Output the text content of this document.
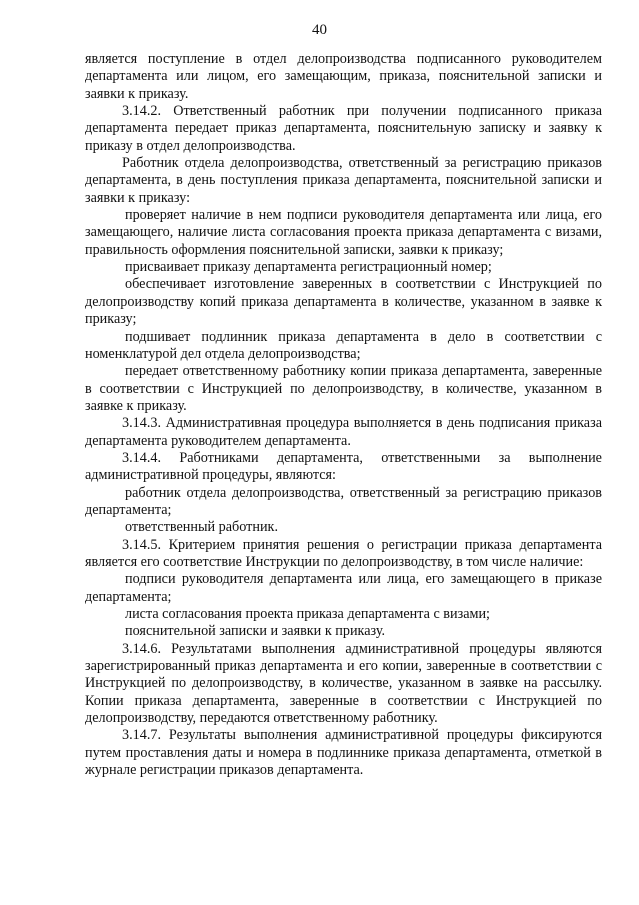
40

является поступление в отдел делопроизводства подписанного руководителем департамента или лицом, его замещающим, приказа, пояснительной записки и заявки к приказу.

3.14.2. Ответственный работник при получении подписанного приказа департамента передает приказ департамента, пояснительную записку и заявку к приказу в отдел делопроизводства.

Работник отдела делопроизводства, ответственный за регистрацию приказов департамента, в день поступления приказа департамента, пояснительной записки и заявки к приказу:

проверяет наличие в нем подписи руководителя департамента или лица, его замещающего, наличие листа согласования проекта приказа департамента с визами, правильность оформления пояснительной записки, заявки к приказу;

присваивает приказу департамента регистрационный номер;

обеспечивает изготовление заверенных в соответствии с Инструкцией по делопроизводству копий приказа департамента в количестве, указанном в заявке к приказу;

подшивает подлинник приказа департамента в дело в соответствии с номенклатурой дел отдела делопроизводства;

передает ответственному работнику копии приказа департамента, заверенные в соответствии с Инструкцией по делопроизводству, в количестве, указанном в заявке к приказу.

3.14.3. Административная процедура выполняется в день подписания приказа департамента руководителем департамента.

3.14.4. Работниками департамента, ответственными за выполнение административной процедуры, являются:

работник отдела делопроизводства, ответственный за регистрацию приказов департамента;

ответственный работник.

3.14.5. Критерием принятия решения о регистрации приказа департамента является его соответствие Инструкции по делопроизводству, в том числе наличие:

подписи руководителя департамента или лица, его замещающего в приказе департамента;

листа согласования проекта приказа департамента с визами;

пояснительной записки и заявки к приказу.

3.14.6. Результатами выполнения административной процедуры являются зарегистрированный приказ департамента и его копии, заверенные в соответствии с Инструкцией по делопроизводству, в количестве, указанном в заявке на рассылку. Копии приказа департамента, заверенные в соответствии с Инструкцией по делопроизводству, передаются ответственному работнику.

3.14.7. Результаты выполнения административной процедуры фиксируются путем проставления даты и номера в подлиннике приказа департамента, отметкой в журнале регистрации приказов департамента.
